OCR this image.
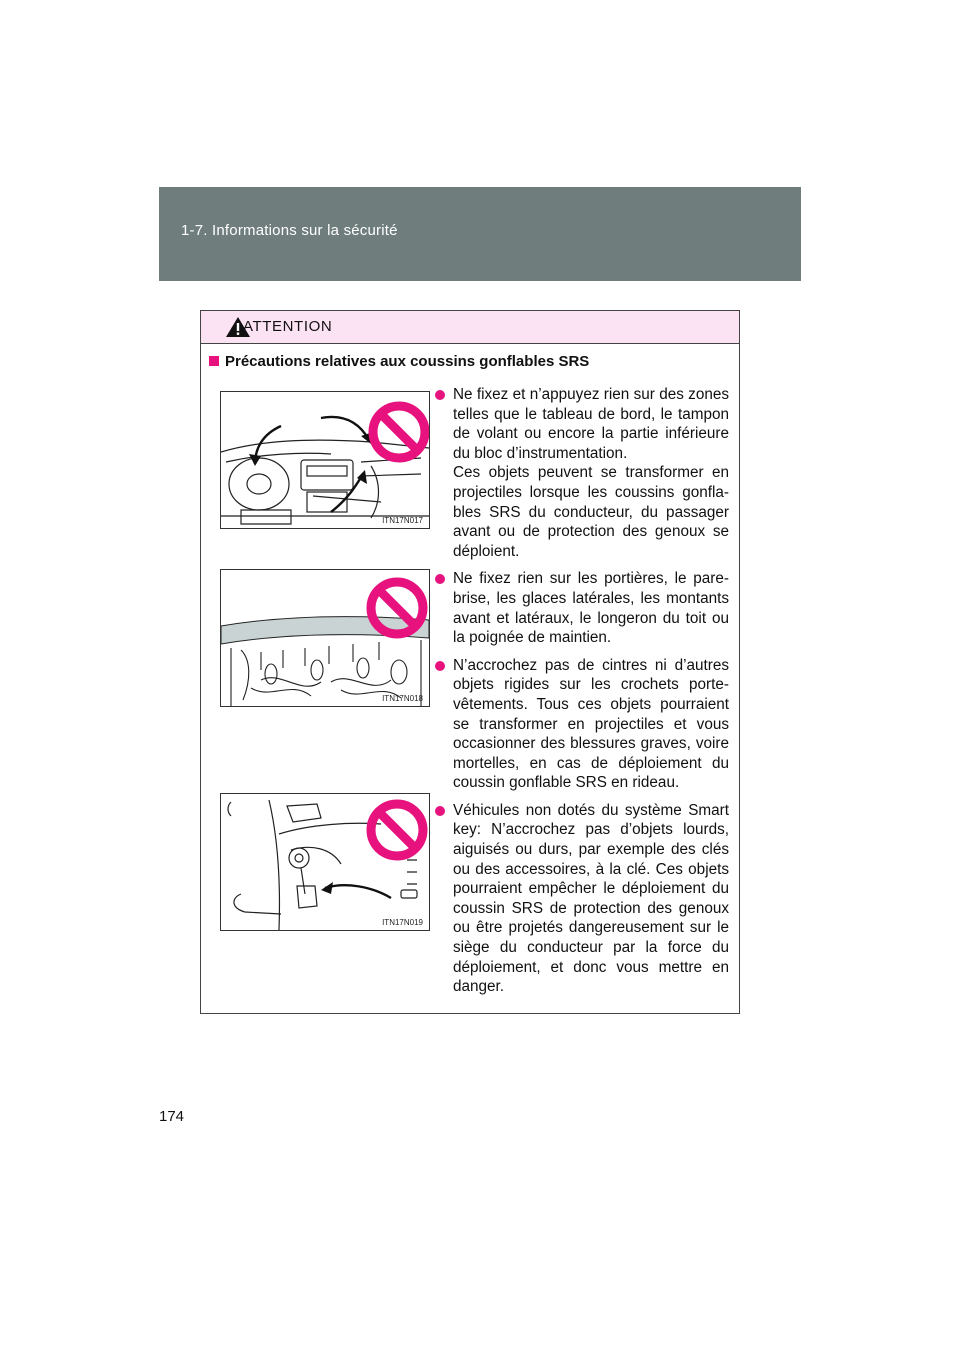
1-7. Informations sur la sécurité
ATTENTION
Précautions relatives aux coussins gonflables SRS
ITN17N017
ITN17N018
ITN17N019

Ne fixez et n’appuyez rien sur des zones telles que le tableau de bord, le tampon de volant ou encore la partie inférieure du bloc d’instrumentation.

Ces objets peuvent se transformer en projectiles lorsque les coussins gonfla-bles SRS du conducteur, du passager avant ou de protection des genoux se déploient.

Ne fixez rien sur les portières, le pare-brise, les glaces latérales, les montants avant et latéraux, le longeron du toit ou la poignée de maintien.

N’accrochez pas de cintres ni d’autres objets rigides sur les crochets porte-vêtements. Tous ces objets pourraient se transformer en projectiles et vous occasionner des blessures graves, voire mortelles, en cas de déploiement du coussin gonflable SRS en rideau.

Véhicules non dotés du système Smart key: N’accrochez pas d’objets lourds, aiguisés ou durs, par exemple des clés ou des accessoires, à la clé. Ces objets pourraient empêcher le déploiement du coussin SRS de protection des genoux ou être projetés dangereusement sur le siège du conducteur par la force du déploiement, et donc vous mettre en danger.

174
